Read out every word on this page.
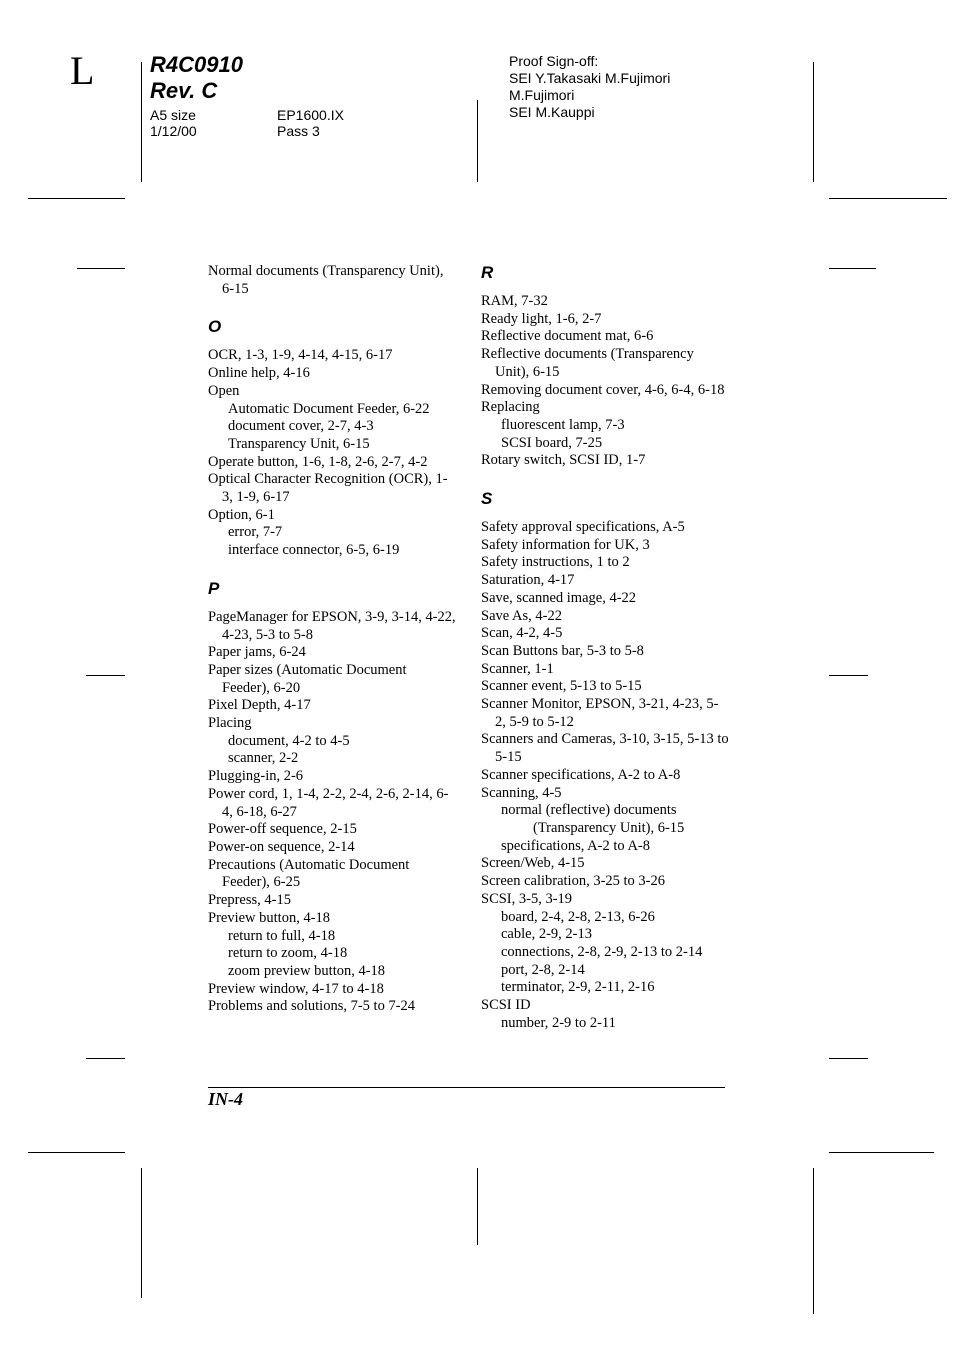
L	R4C0910
Rev. C
A5 size
1/12/00
EP1600.IX
Pass 3
Proof Sign-off:
SEI Y.Takasaki M.Fujimori
M.Fujimori
SEI M.Kauppi
Normal documents (Transparency Unit), 6-15
O
OCR, 1-3, 1-9, 4-14, 4-15, 6-17
Online help, 4-16
Open
Automatic Document Feeder, 6-22
document cover, 2-7, 4-3
Transparency Unit, 6-15
Operate button, 1-6, 1-8, 2-6, 2-7, 4-2
Optical Character Recognition (OCR), 1-3, 1-9, 6-17
Option, 6-1
error, 7-7
interface connector, 6-5, 6-19
P
PageManager for EPSON, 3-9, 3-14, 4-22, 4-23, 5-3 to 5-8
Paper jams, 6-24
Paper sizes (Automatic Document Feeder), 6-20
Pixel Depth, 4-17
Placing
document, 4-2 to 4-5
scanner, 2-2
Plugging-in, 2-6
Power cord, 1, 1-4, 2-2, 2-4, 2-6, 2-14, 6-4, 6-18, 6-27
Power-off sequence, 2-15
Power-on sequence, 2-14
Precautions (Automatic Document Feeder), 6-25
Prepress, 4-15
Preview button, 4-18
return to full, 4-18
return to zoom, 4-18
zoom preview button, 4-18
Preview window, 4-17 to 4-18
Problems and solutions, 7-5 to 7-24
R
RAM, 7-32
Ready light, 1-6, 2-7
Reflective document mat, 6-6
Reflective documents (Transparency Unit), 6-15
Removing document cover, 4-6, 6-4, 6-18
Replacing
fluorescent lamp, 7-3
SCSI board, 7-25
Rotary switch, SCSI ID, 1-7
S
Safety approval specifications, A-5
Safety information for UK, 3
Safety instructions, 1 to 2
Saturation, 4-17
Save, scanned image, 4-22
Save As, 4-22
Scan, 4-2, 4-5
Scan Buttons bar, 5-3 to 5-8
Scanner, 1-1
Scanner event, 5-13 to 5-15
Scanner Monitor, EPSON, 3-21, 4-23, 5-2, 5-9 to 5-12
Scanners and Cameras, 3-10, 3-15, 5-13 to 5-15
Scanner specifications, A-2 to A-8
Scanning, 4-5
normal (reflective) documents
(Transparency Unit), 6-15
specifications, A-2 to A-8
Screen/Web, 4-15
Screen calibration, 3-25 to 3-26
SCSI, 3-5, 3-19
board, 2-4, 2-8, 2-13, 6-26
cable, 2-9, 2-13
connections, 2-8, 2-9, 2-13 to 2-14
port, 2-8, 2-14
terminator, 2-9, 2-11, 2-16
SCSI ID
number, 2-9 to 2-11
IN-4
